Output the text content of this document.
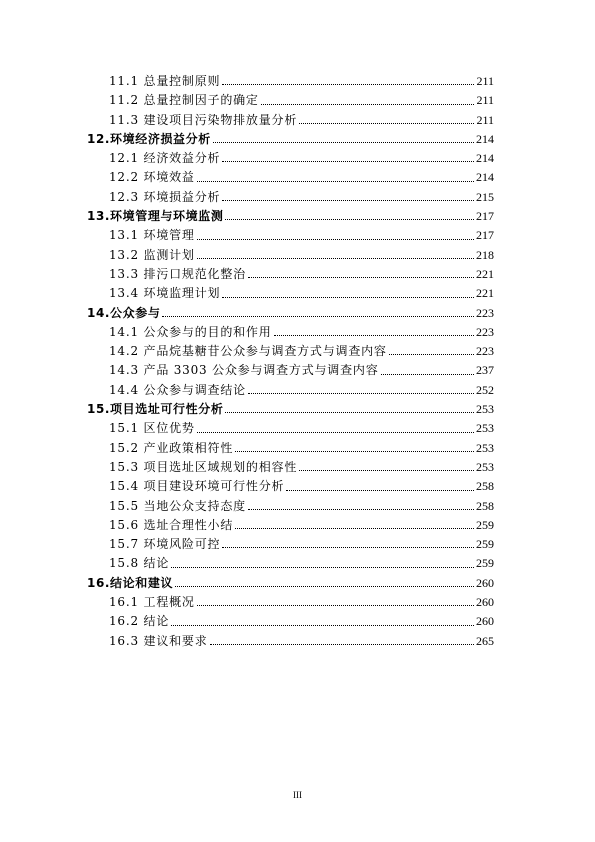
11.1 总量控制原则	211
11.2 总量控制因子的确定	211
11.3 建设项目污染物排放量分析	211
12.环境经济损益分析	214
12.1 经济效益分析	214
12.2 环境效益	214
12.3 环境损益分析	215
13.环境管理与环境监测	217
13.1 环境管理	217
13.2 监测计划	218
13.3 排污口规范化整治	221
13.4 环境监理计划	221
14.公众参与	223
14.1 公众参与的目的和作用	223
14.2 产品烷基糖苷公众参与调查方式与调查内容	223
14.3 产品 3303 公众参与调查方式与调查内容	237
14.4 公众参与调查结论	252
15.项目选址可行性分析	253
15.1 区位优势	253
15.2 产业政策相符性	253
15.3 项目选址区域规划的相容性	253
15.4 项目建设环境可行性分析	258
15.5 当地公众支持态度	258
15.6 选址合理性小结	259
15.7 环境风险可控	259
15.8 结论	259
16.结论和建议	260
16.1 工程概况	260
16.2 结论	260
16.3 建议和要求	265
III
